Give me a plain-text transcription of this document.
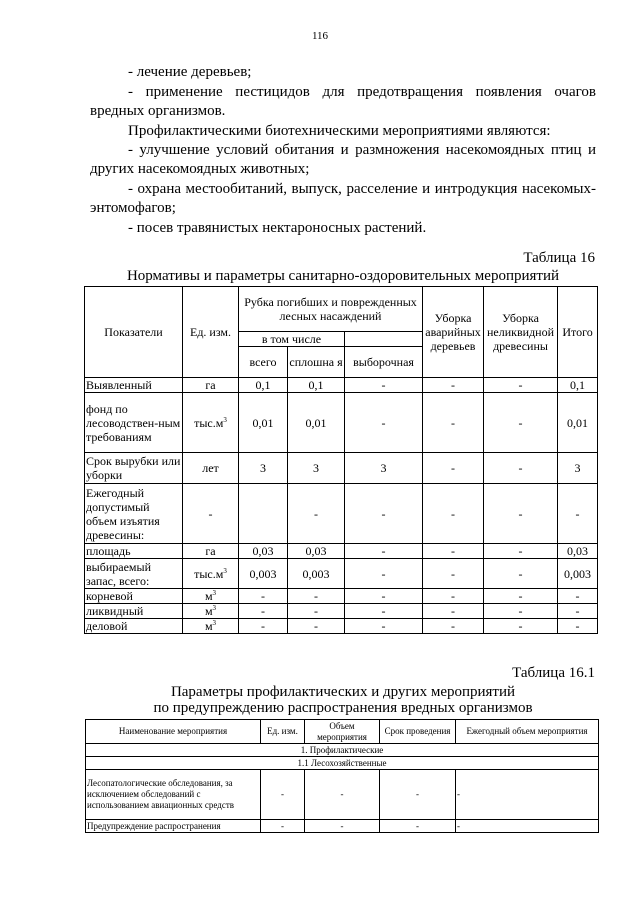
116
- лечение деревьев;
- применение пестицидов для предотвращения появления очагов
вредных организмов.
Профилактическими биотехническими мероприятиями являются:
- улучшение условий обитания и размножения насекомоядных птиц и
других насекомоядных животных;
- охрана местообитаний, выпуск, расселение и интродукция насекомых-
энтомофагов;
- посев травянистых нектароносных растений.
Таблица 16
Нормативы и параметры санитарно-оздоровительных мероприятий
Показатели	Ед. изм.	Рубка погибших и поврежденных лесных насаждений			Уборка аварийных деревьев	Уборка неликвидной древесины	Итого
		в том числе					
		всего	сплошна я	выборочная			
Выявленный	га	0,1	0,1	-	-	-	0,1
фонд по лесоводствен-ным требованиям	$тыс.м^3$	0,01	0,01	-	-	-	0,01
Срок вырубки или уборки	лет	3	3	3	-	-	3
Ежегодный допустимый объем изъятия древесины:	-		-	-	-	-	-
площадь	га	0,03	0,03	-	-	-	0,03
выбираемый запас, всего:	$тыс.м^3$	0,003	0,003	-	-	-	0,003
корневой	$м^3$	-	-	-	-	-	-
ликвидный	$м^3$	-	-	-	-	-	-
деловой	$м^3$	-	-	-	-	-	-
Таблица 16.1
Параметры профилактических и других мероприятий
по предупреждению распространения вредных организмов
Наименование мероприятия	Ед. изм.	Объем мероприятия	Срок проведения	Ежегодный объем мероприятия
1. Профилактические				
1.1 Лесохозяйственные				
Лесопатологические обследования, за исключением обследований с использованием авиационных средств	-	-	-	-
Предупреждение распространения	-	-	-	-
